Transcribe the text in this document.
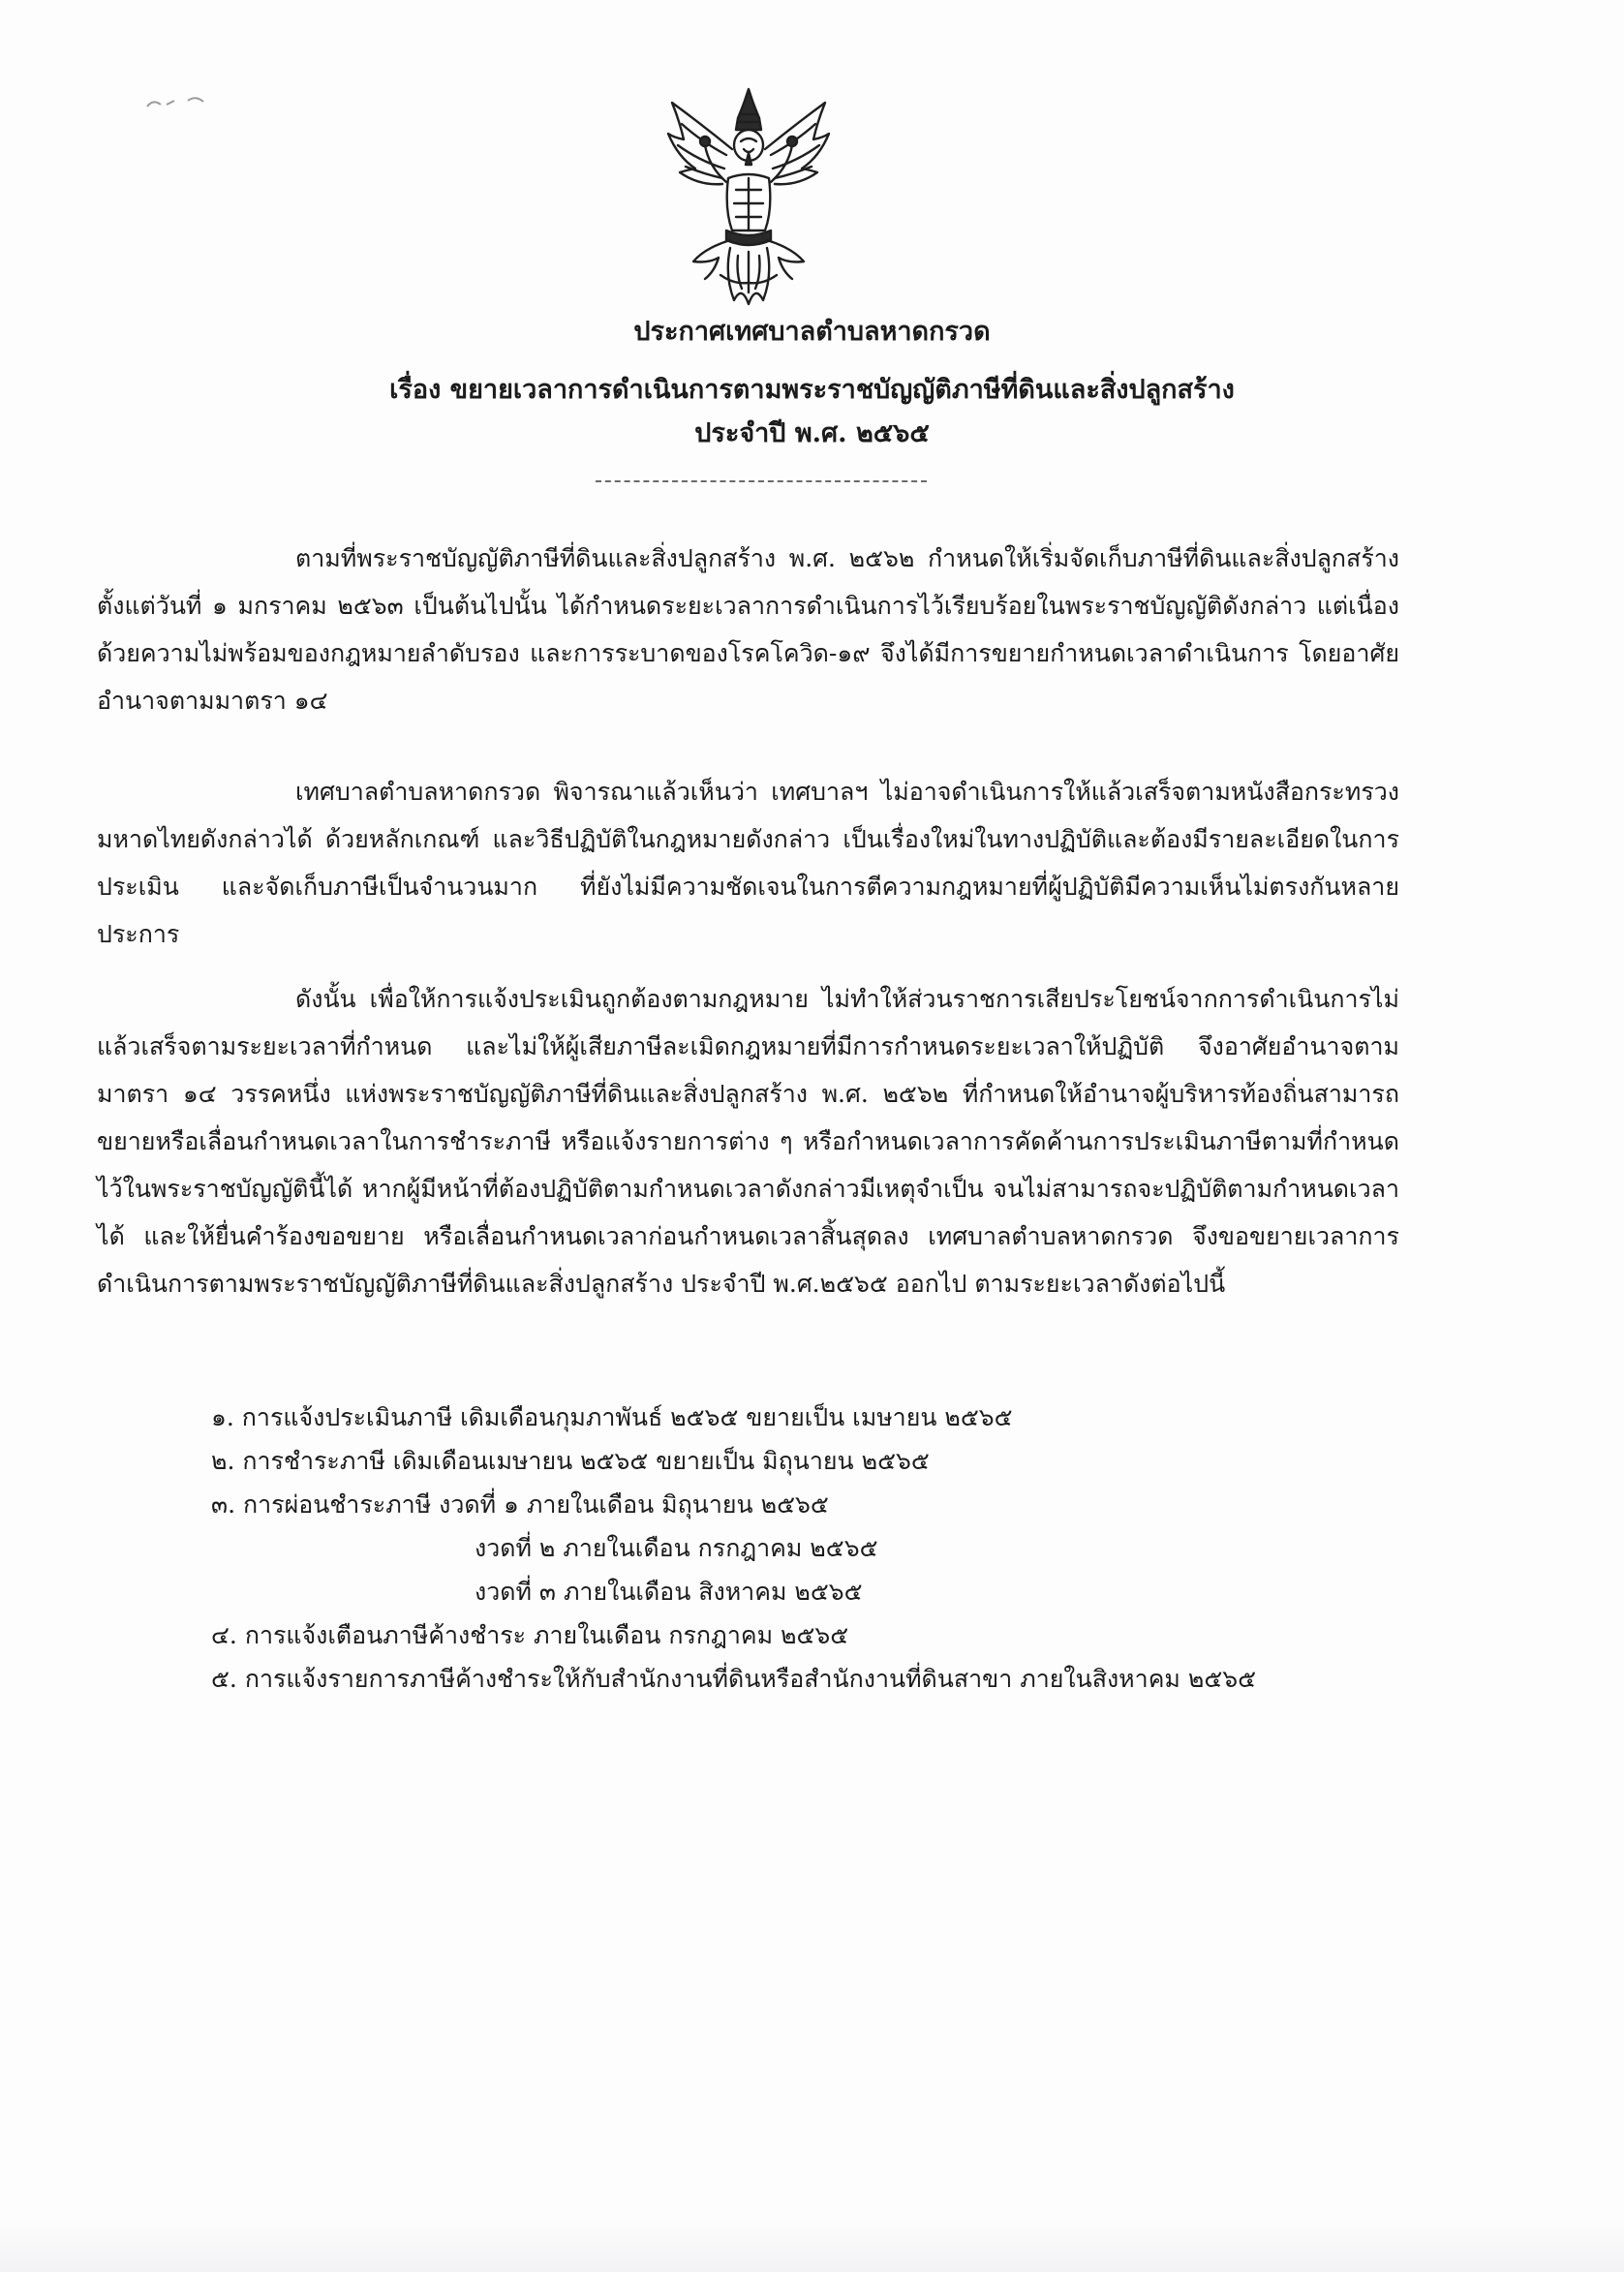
ประกาศเทศบาลตำบลหาดกรวด
เรื่อง ขยายเวลาการดำเนินการตามพระราชบัญญัติภาษีที่ดินและสิ่งปลูกสร้าง
ประจำปี พ.ศ. ๒๕๖๕

ตามที่พระราชบัญญัติภาษีที่ดินและสิ่งปลูกสร้าง พ.ศ. ๒๕๖๒ กำหนดให้เริ่มจัดเก็บภาษีที่ดินและสิ่งปลูกสร้างตั้งแต่วันที่ ๑ มกราคม ๒๕๖๓ เป็นต้นไปนั้น ได้กำหนดระยะเวลาการดำเนินการไว้เรียบร้อยในพระราชบัญญัติดังกล่าว แต่เนื่องด้วยความไม่พร้อมของกฎหมายลำดับรอง และการระบาดของโรคโควิด-๑๙ จึงได้มีการขยายกำหนดเวลาดำเนินการ โดยอาศัยอำนาจตามมาตรา ๑๔

เทศบาลตำบลหาดกรวด พิจารณาแล้วเห็นว่า เทศบาลฯ ไม่อาจดำเนินการให้แล้วเสร็จตามหนังสือกระทรวงมหาดไทยดังกล่าวได้ ด้วยหลักเกณฑ์ และวิธีปฏิบัติในกฎหมายดังกล่าว เป็นเรื่องใหม่ในทางปฏิบัติและต้องมีรายละเอียดในการประเมิน และจัดเก็บภาษีเป็นจำนวนมาก ที่ยังไม่มีความชัดเจนในการตีความกฎหมายที่ผู้ปฏิบัติมีความเห็นไม่ตรงกันหลายประการ

ดังนั้น เพื่อให้การแจ้งประเมินถูกต้องตามกฎหมาย ไม่ทำให้ส่วนราชการเสียประโยชน์จากการดำเนินการไม่แล้วเสร็จตามระยะเวลาที่กำหนด และไม่ให้ผู้เสียภาษีละเมิดกฎหมายที่มีการกำหนดระยะเวลาให้ปฏิบัติ จึงอาศัยอำนาจตามมาตรา ๑๔ วรรคหนึ่ง แห่งพระราชบัญญัติภาษีที่ดินและสิ่งปลูกสร้าง พ.ศ. ๒๕๖๒ ที่กำหนดให้อำนาจผู้บริหารท้องถิ่นสามารถขยายหรือเลื่อนกำหนดเวลาในการชำระภาษี หรือแจ้งรายการต่าง ๆ หรือกำหนดเวลาการคัดค้านการประเมินภาษีตามที่กำหนดไว้ในพระราชบัญญัตินี้ได้ หากผู้มีหน้าที่ต้องปฏิบัติตามกำหนดเวลาดังกล่าวมีเหตุจำเป็น จนไม่สามารถจะปฏิบัติตามกำหนดเวลาได้ และให้ยื่นคำร้องขอขยาย หรือเลื่อนกำหนดเวลาก่อนกำหนดเวลาสิ้นสุดลง เทศบาลตำบลหาดกรวด จึงขอขยายเวลาการดำเนินการตามพระราชบัญญัติภาษีที่ดินและสิ่งปลูกสร้าง ประจำปี พ.ศ.๒๕๖๕ ออกไป ตามระยะเวลาดังต่อไปนี้

๑. การแจ้งประเมินภาษี เดิมเดือนกุมภาพันธ์ ๒๕๖๕ ขยายเป็น เมษายน ๒๕๖๕
๒. การชำระภาษี เดิมเดือนเมษายน ๒๕๖๕ ขยายเป็น มิถุนายน ๒๕๖๕
๓. การผ่อนชำระภาษี งวดที่ ๑ ภายในเดือน มิถุนายน ๒๕๖๕
งวดที่ ๒ ภายในเดือน กรกฎาคม ๒๕๖๕
งวดที่ ๓ ภายในเดือน สิงหาคม ๒๕๖๕
๔. การแจ้งเตือนภาษีค้างชำระ ภายในเดือน กรกฎาคม ๒๕๖๕
๕. การแจ้งรายการภาษีค้างชำระให้กับสำนักงานที่ดินหรือสำนักงานที่ดินสาขา ภายในสิงหาคม ๒๕๖๕
